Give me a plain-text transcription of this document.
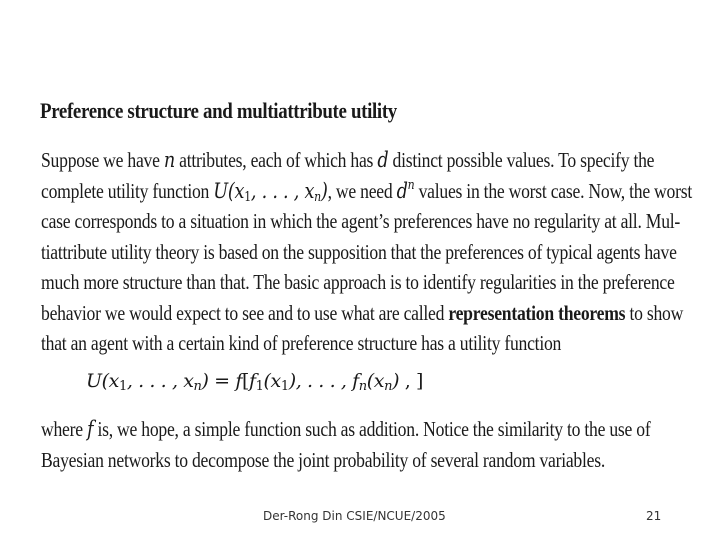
Preference structure and multiattribute utility
Suppose we have n attributes, each of which has d distinct possible values. To specify the
complete utility function $U(x_1$, . . . , $x_n$), we need $d^n$ values in the worst case. Now, the worst
case corresponds to a situation in which the agent’s preferences have no regularity at all. Mul-
tiattribute utility theory is based on the supposition that the preferences of typical agents have
much more structure than that. The basic approach is to identify regularities in the preference
behavior we would expect to see and to use what are called representation theorems to show
that an agent with a certain kind of preference structure has a utility function
$U(x_1$, . . . , $x_n) = f[f_1(x_1)$, . . . , $f_n(x_n)$ , ]
where f is, we hope, a simple function such as addition. Notice the similarity to the use of
Bayesian networks to decompose the joint probability of several random variables.
Der-Rong Din CSIE/NCUE/2005	21
